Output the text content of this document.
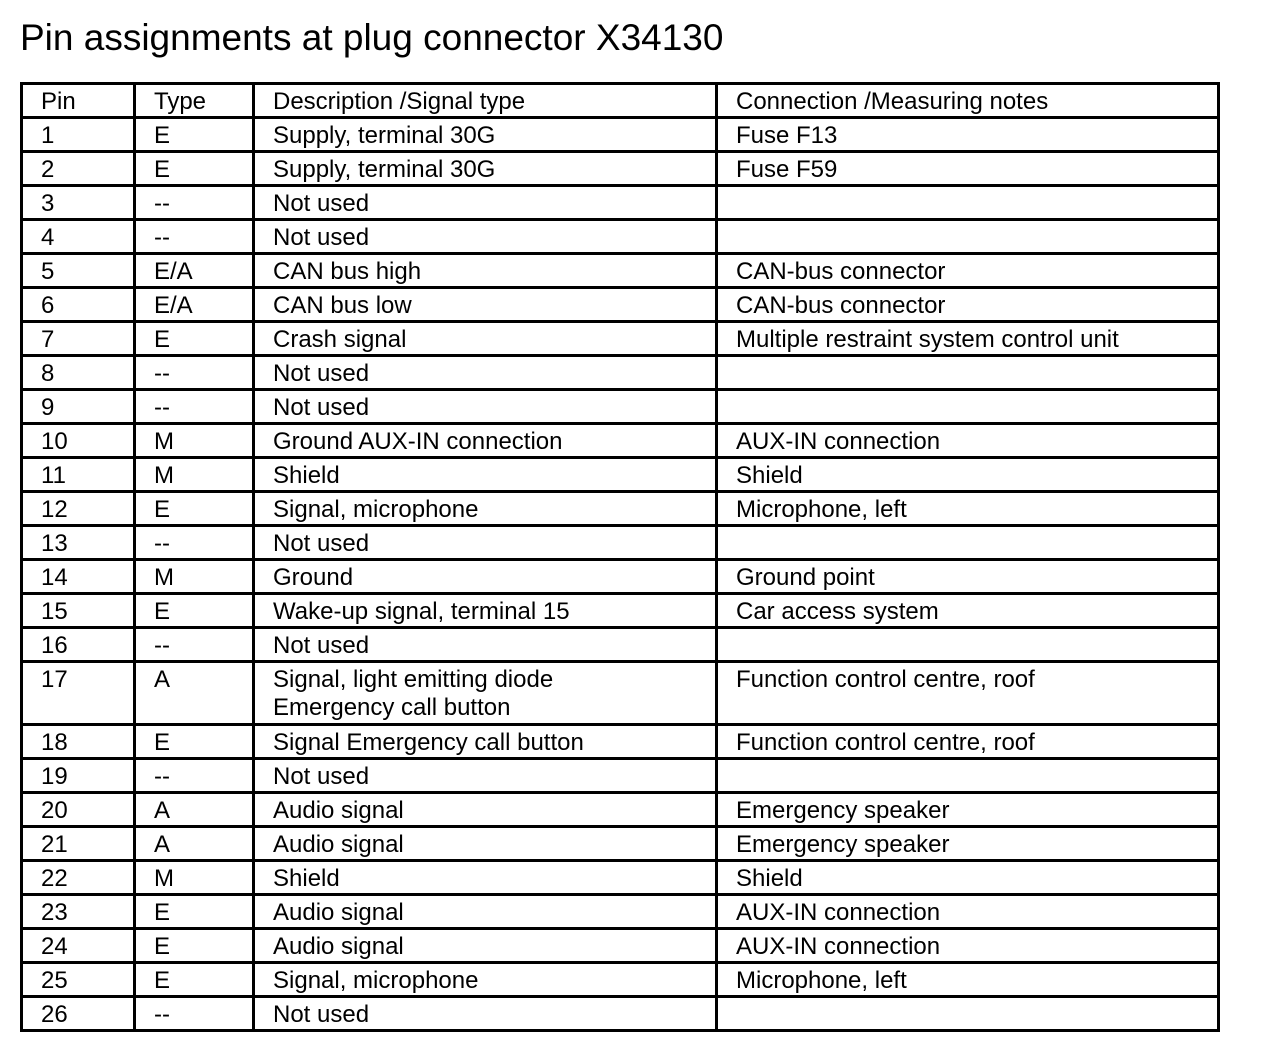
Pin assignments at plug connector X34130
Pin	Type	Description /Signal type	Connection /Measuring notes
1	E	Supply, terminal 30G	Fuse F13
2	E	Supply, terminal 30G	Fuse F59
3	--	Not used	
4	--	Not used	
5	E/A	CAN bus high	CAN-bus connector
6	E/A	CAN bus low	CAN-bus connector
7	E	Crash signal	Multiple restraint system control unit
8	--	Not used	
9	--	Not used	
10	M	Ground AUX-IN connection	AUX-IN connection
11	M	Shield	Shield
12	E	Signal, microphone	Microphone, left
13	--	Not used	
14	M	Ground	Ground point
15	E	Wake-up signal, terminal 15	Car access system
16	--	Not used	
17	A	Signal, light emitting diode
Emergency call button	Function control centre, roof
18	E	Signal Emergency call button	Function control centre, roof
19	--	Not used	
20	A	Audio signal	Emergency speaker
21	A	Audio signal	Emergency speaker
22	M	Shield	Shield
23	E	Audio signal	AUX-IN connection
24	E	Audio signal	AUX-IN connection
25	E	Signal, microphone	Microphone, left
26	--	Not used	
